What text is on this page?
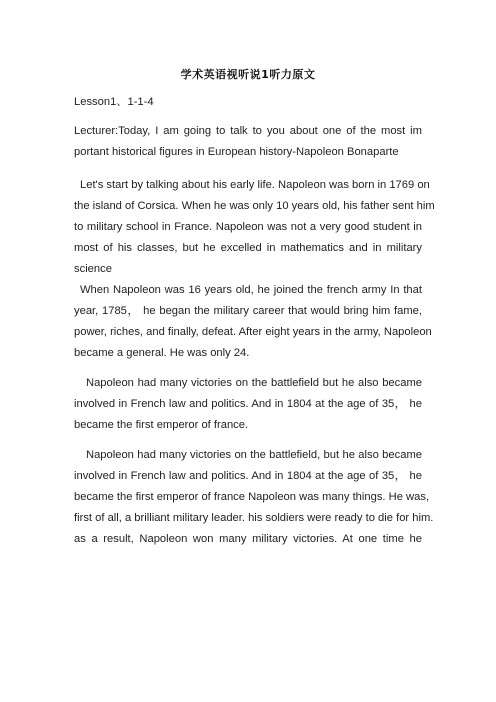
学术英语视听说1听力原文
Lesson1、1-1-4
Lecturer:Today, I am going to talk to you about one of the most im
portant historical figures in European history-Napoleon Bonaparte
Let's start by talking about his early life. Napoleon was born in 1769 on
the island of Corsica. When he was only 10 years old, his father sent him
to military school in France. Napoleon was not a very good student in
most of his classes, but he excelled in mathematics and in military
science
When Napoleon was 16 years old, he joined the french army In that
year, 1785， he began the military career that would bring him fame,
power, riches, and finally, defeat. After eight years in the army, Napoleon
became a general. He was only 24.
Napoleon had many victories on the battlefield but he also became
involved in French law and politics. And in 1804 at the age of 35， he
became the first emperor of france.
Napoleon had many victories on the battlefield, but he also became
involved in French law and politics. And in 1804 at the age of 35， he
became the first emperor of france Napoleon was many things. He was,
first of all, a brilliant military leader. his soldiers were ready to die for him.
as a result, Napoleon won many military victories. At one time he
